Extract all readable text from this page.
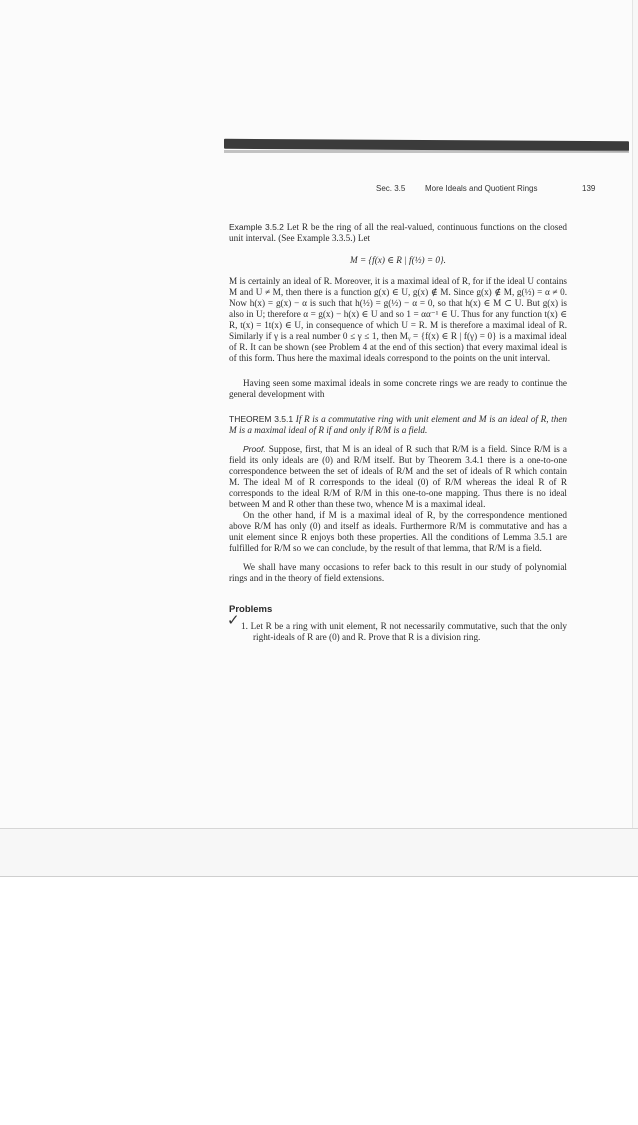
Sec. 3.5 More Ideals and Quotient Rings	139

Example 3.5.2 Let R be the ring of all the real-valued, continuous functions on the closed unit interval. (See Example 3.3.5.) Let

M = {f(x) ∈ R | f(½) = 0}.

M is certainly an ideal of R. Moreover, it is a maximal ideal of R, for if the ideal U contains M and U ≠ M, then there is a function g(x) ∈ U, g(x) ∉ M. Since g(x) ∉ M, g(½) = α ≠ 0. Now h(x) = g(x) − α is such that h(½) = g(½) − α = 0, so that h(x) ∈ M ⊂ U. But g(x) is also in U; therefore α = g(x) − h(x) ∈ U and so 1 = αα⁻¹ ∈ U. Thus for any function t(x) ∈ R, t(x) = 1t(x) ∈ U, in consequence of which U = R. M is therefore a maximal ideal of R. Similarly if γ is a real number 0 ≤ γ ≤ 1, then Mᵧ = {f(x) ∈ R | f(γ) = 0} is a maximal ideal of R. It can be shown (see Problem 4 at the end of this section) that every maximal ideal is of this form. Thus here the maximal ideals correspond to the points on the unit interval.

Having seen some maximal ideals in some concrete rings we are ready to continue the general development with

THEOREM 3.5.1 If R is a commutative ring with unit element and M is an ideal of R, then M is a maximal ideal of R if and only if R/M is a field.

Proof. Suppose, first, that M is an ideal of R such that R/M is a field. Since R/M is a field its only ideals are (0) and R/M itself. But by Theorem 3.4.1 there is a one-to-one correspondence between the set of ideals of R/M and the set of ideals of R which contain M. The ideal M of R corresponds to the ideal (0) of R/M whereas the ideal R of R corresponds to the ideal R/M of R/M in this one-to-one mapping. Thus there is no ideal between M and R other than these two, whence M is a maximal ideal.

On the other hand, if M is a maximal ideal of R, by the correspondence mentioned above R/M has only (0) and itself as ideals. Furthermore R/M is commutative and has a unit element since R enjoys both these properties. All the conditions of Lemma 3.5.1 are fulfilled for R/M so we can conclude, by the result of that lemma, that R/M is a field.

We shall have many occasions to refer back to this result in our study of polynomial rings and in the theory of field extensions.

Problems

✓ 1. Let R be a ring with unit element, R not necessarily commutative, such that the only right-ideals of R are (0) and R. Prove that R is a division ring.
